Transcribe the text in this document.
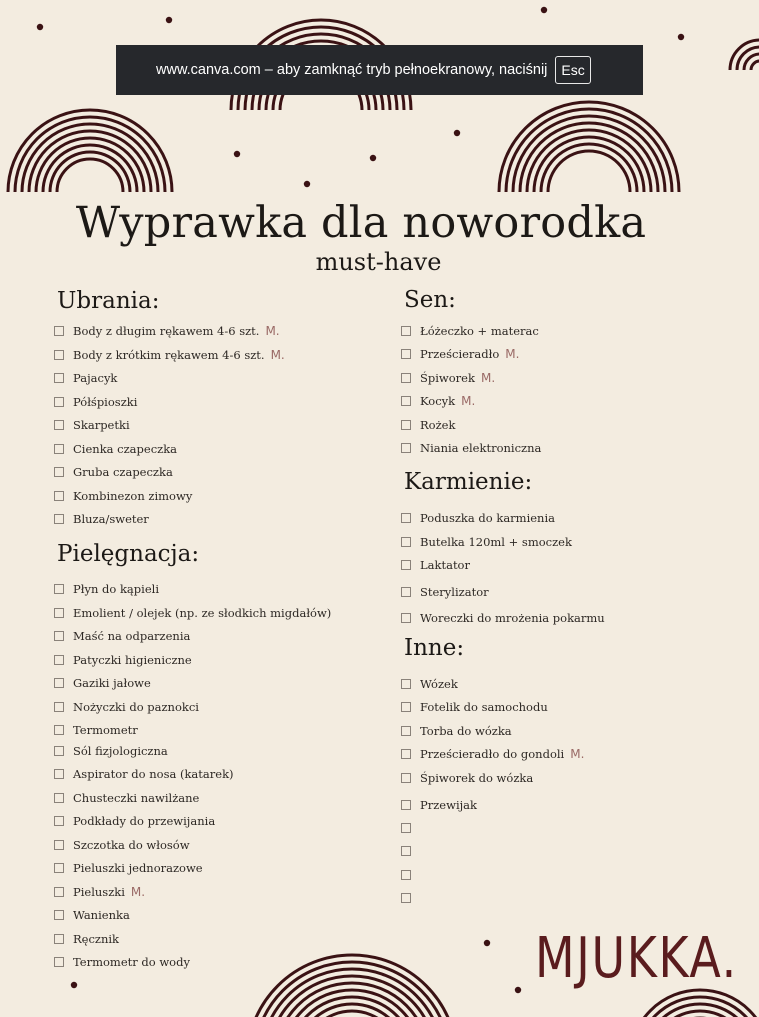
www.canva.com – aby zamknąć tryb pełnoekranowy, naciśnij	Esc
Wyprawka dla noworodka
must-have
Ubrania:
Body z długim rękawem 4-6 szt. M.
Body z krótkim rękawem 4-6 szt. M.
Pajacyk
Półśpioszki
Skarpetki
Cienka czapeczka
Gruba czapeczka
Kombinezon zimowy
Bluza/sweter
Pielęgnacja:
Płyn do kąpieli
Emolient / olejek (np. ze słodkich migdałów)
Maść na odparzenia
Patyczki higieniczne
Gaziki jałowe
Nożyczki do paznokci
Termometr
Sól fizjologiczna
Aspirator do nosa (katarek)
Chusteczki nawilżane
Podkłady do przewijania
Szczotka do włosów
Pieluszki jednorazowe
Pieluszki M.
Wanienka
Ręcznik
Termometr do wody
Sen:
Łóżeczko + materac
Prześcieradło M.
Śpiworek M.
Kocyk M.
Rożek
Niania elektroniczna
Karmienie:
Poduszka do karmienia
Butelka 120ml + smoczek
Laktator
Sterylizator
Woreczki do mrożenia pokarmu
Inne:
Wózek
Fotelik do samochodu
Torba do wózka
Prześcieradło do gondoli M.
Śpiworek do wózka
Przewijak
MJUKKA.
